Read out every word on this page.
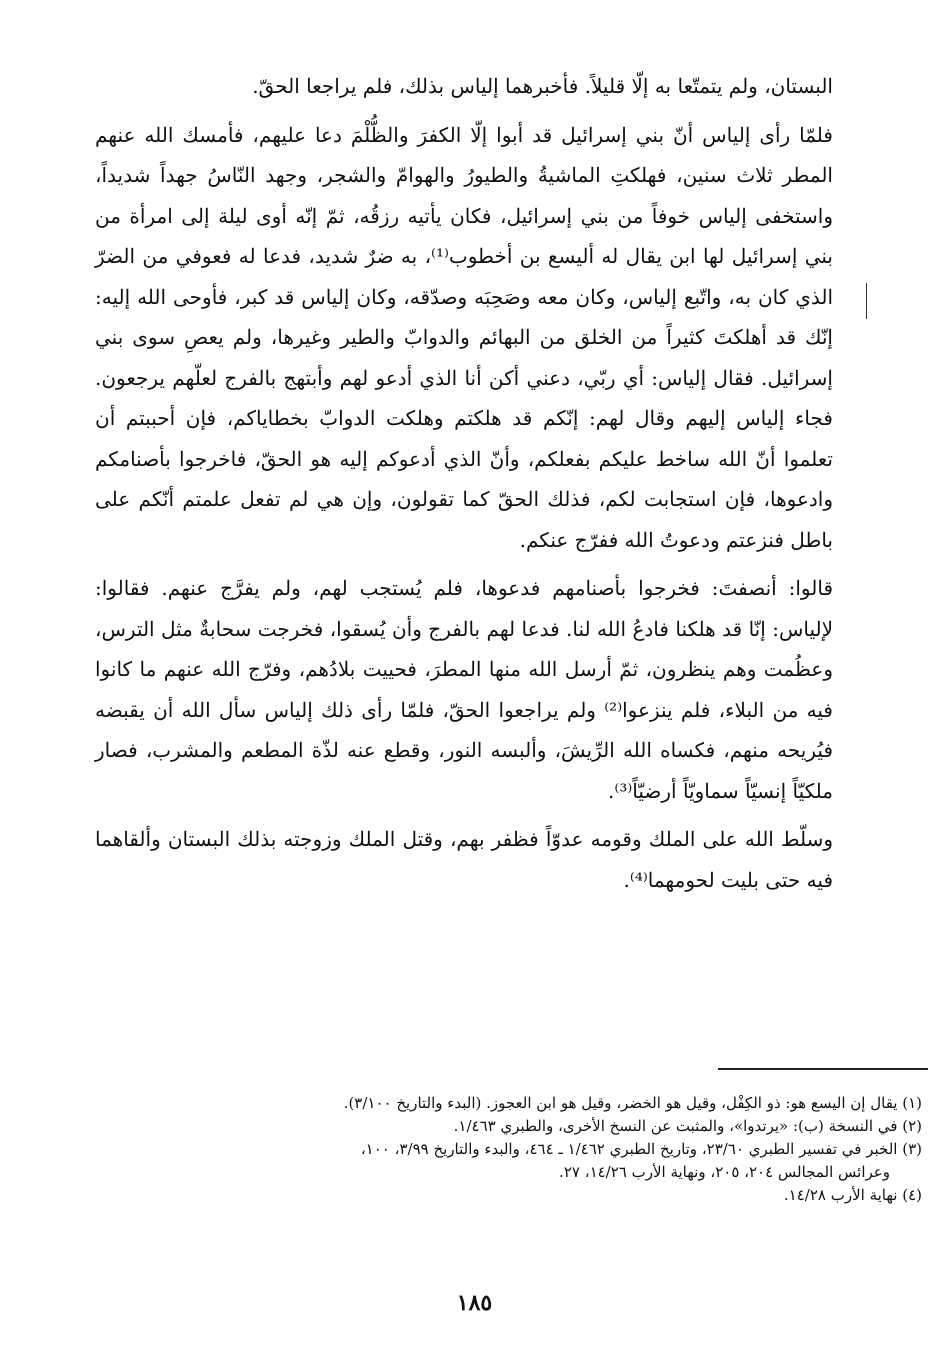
البستان، ولم يتمتّعا به إلّا قليلاً. فأخبرهما إلياس بذلك، فلم يراجعا الحقّ.

فلمّا رأى إلياس أنّ بني إسرائيل قد أبوا إلّا الكفرَ والظُّلْمَ دعا عليهم، فأمسك الله عنهم المطر ثلاث سنين، فهلكتِ الماشيةُ والطيورُ والهوامّ والشجر، وجهد النّاسُ جهداً شديداً، واستخفى إلياس خوفاً من بني إسرائيل، فكان يأتيه رزقُه، ثمّ إنّه أوى ليلة إلى امرأة من بني إسرائيل لها ابن يقال له أليسع بن أخطوب⁽¹⁾، به ضرٌ شديد، فدعا له فعوفي من الضرّ الذي كان به، واتّبع إلياس، وكان معه وصَحِبَه وصدّقه، وكان إلياس قد كبر، فأوحى الله إليه: إنّك قد أهلكتَ كثيراً من الخلق من البهائم والدوابّ والطير وغيرها، ولم يعصِ سوى بني إسرائيل. فقال إلياس: أي ربّي، دعني أكن أنا الذي أدعو لهم وأبتهج بالفرج لعلّهم يرجعون. فجاء إلياس إليهم وقال لهم: إنّكم قد هلكتم وهلكت الدوابّ بخطاياكم، فإن أحببتم أن تعلموا أنّ الله ساخط عليكم بفعلكم، وأنّ الذي أدعوكم إليه هو الحقّ، فاخرجوا بأصنامكم وادعوها، فإن استجابت لكم، فذلك الحقّ كما تقولون، وإن هي لم تفعل علمتم أنّكم على باطل فنزعتم ودعوتُ الله ففرّج عنكم.

قالوا: أنصفتَ: فخرجوا بأصنامهم فدعوها، فلم يُستجب لهم، ولم يفرَّج عنهم. فقالوا: لإلياس: إنّا قد هلكنا فادعُ الله لنا. فدعا لهم بالفرج وأن يُسقوا، فخرجت سحابةٌ مثل الترس، وعظُمت وهم ينظرون، ثمّ أرسل الله منها المطرَ، فحييت بلادُهم، وفرّج الله عنهم ما كانوا فيه من البلاء، فلم ينزعوا⁽²⁾ ولم يراجعوا الحقّ، فلمّا رأى ذلك إلياس سأل الله أن يقبضه فيُريحه منهم، فكساه الله الرِّيشَ، وألبسه النور، وقطع عنه لذّة المطعم والمشرب، فصار ملكيّاً إنسيّاً سماويّاً أرضيّاً⁽³⁾.

وسلّط الله على الملك وقومه عدوّاً فظفر بهم، وقتل الملك وزوجته بذلك البستان وألقاهما فيه حتى بليت لحومهما⁽⁴⁾.

(١) يقال إن اليسع هو: ذو الكِفْل، وقيل هو الخضر، وقيل هو ابن العجوز. (البدء والتاريخ ٣/١٠٠).

(٢) في النسخة (ب): «يرتدوا»، والمثبت عن النسخ الأخرى، والطبري ١/٤٦٣.

(٣) الخبر في تفسير الطبري ٢٣/٦٠، وتاريخ الطبري ١/٤٦٢ ـ ٤٦٤، والبدء والتاريخ ٣/٩٩، ١٠٠،

وعرائس المجالس ٢٠٤، ٢٠٥، ونهاية الأرب ١٤/٢٦، ٢٧.

(٤) نهاية الأرب ١٤/٢٨.

١٨٥
